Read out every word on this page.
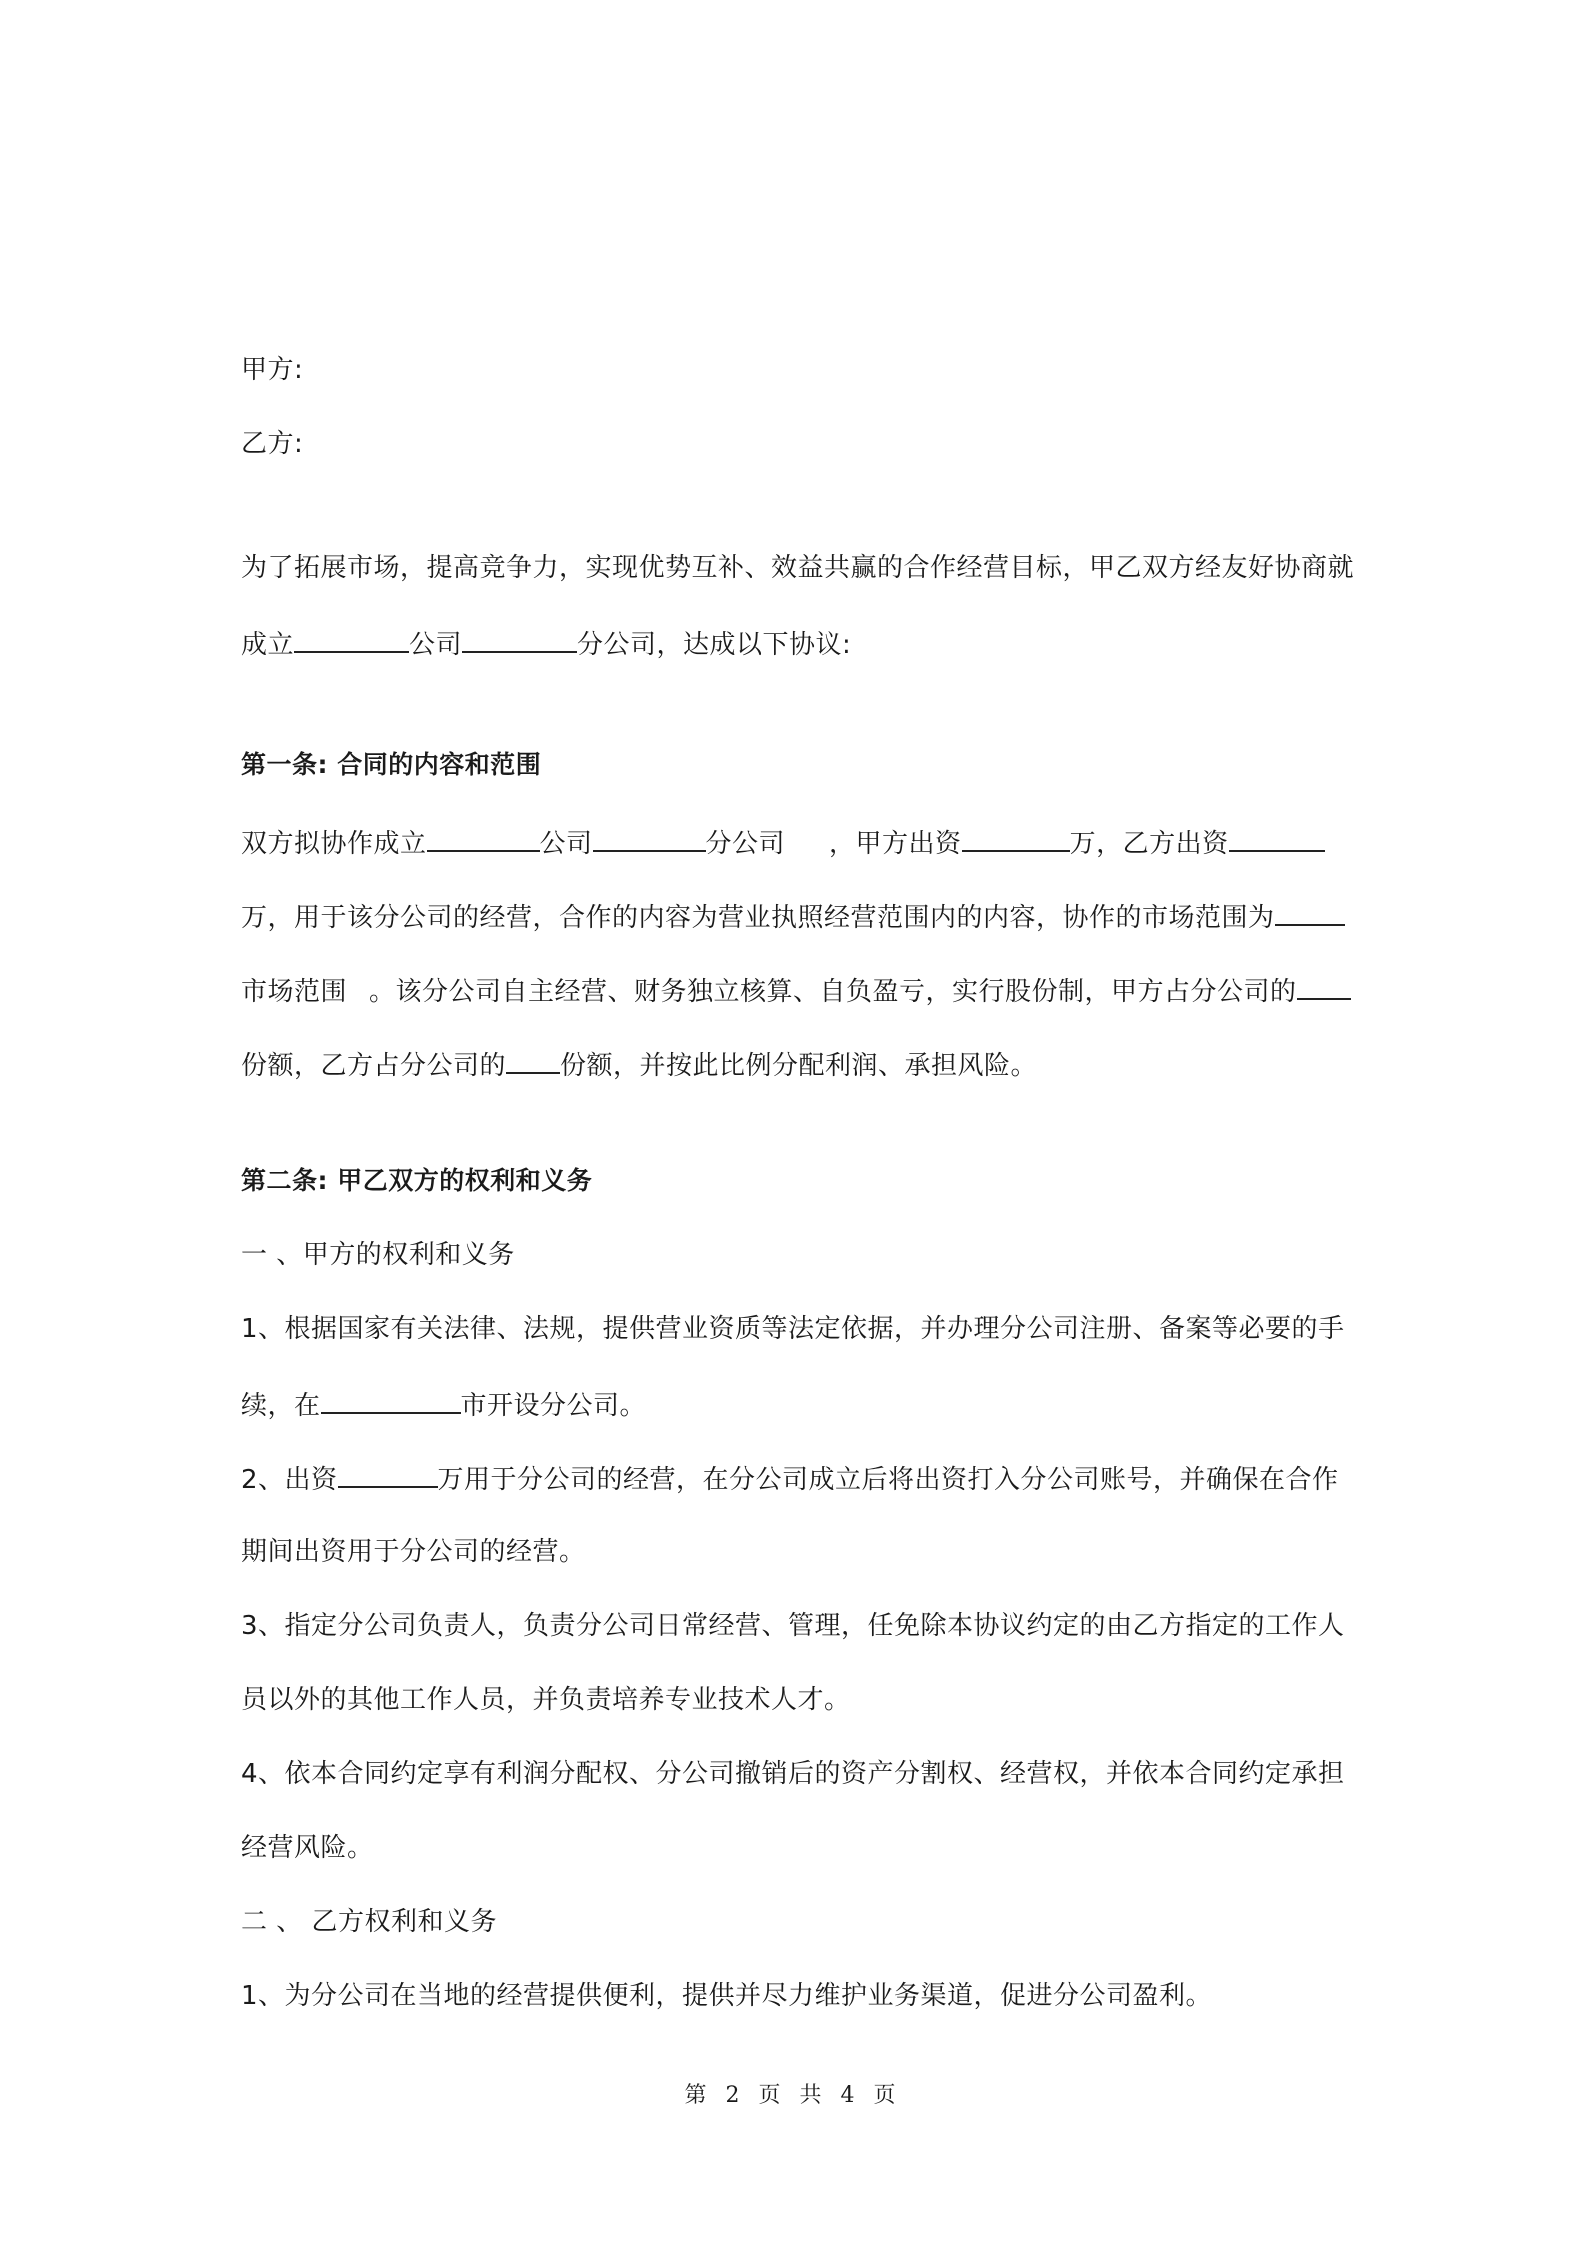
甲方:
乙方:
为了拓展市场，提高竞争力，实现优势互补、效益共赢的合作经营目标，甲乙双方经友好协商就
成立	公司	分公司，达成以下协议:
第一条: 合同的内容和范围
双方拟协作成立	公司	分公司 ，甲方出资	万，乙方出资
万，用于该分公司的经营，合作的内容为营业执照经营范围内的内容，协作的市场范围为
市场范围 。该分公司自主经营、财务独立核算、自负盈亏，实行股份制，甲方占分公司的
份额，乙方占分公司的 份额，并按此比例分配利润、承担风险。
第二条: 甲乙双方的权利和义务
一 、甲方的权利和义务
1、根据国家有关法律、法规，提供营业资质等法定依据，并办理分公司注册、备案等必要的手
续，在	市开设分公司。
2、出资	万用于分公司的经营，在分公司成立后将出资打入分公司账号，并确保在合作
期间出资用于分公司的经营。
3、指定分公司负责人，负责分公司日常经营、管理，任免除本协议约定的由乙方指定的工作人
员以外的其他工作人员，并负责培养专业技术人才。
4、依本合同约定享有利润分配权、分公司撤销后的资产分割权、经营权，并依本合同约定承担
经营风险。
二 、 乙方权利和义务
1、为分公司在当地的经营提供便利，提供并尽力维护业务渠道，促进分公司盈利。
第 2 页 共 4 页
